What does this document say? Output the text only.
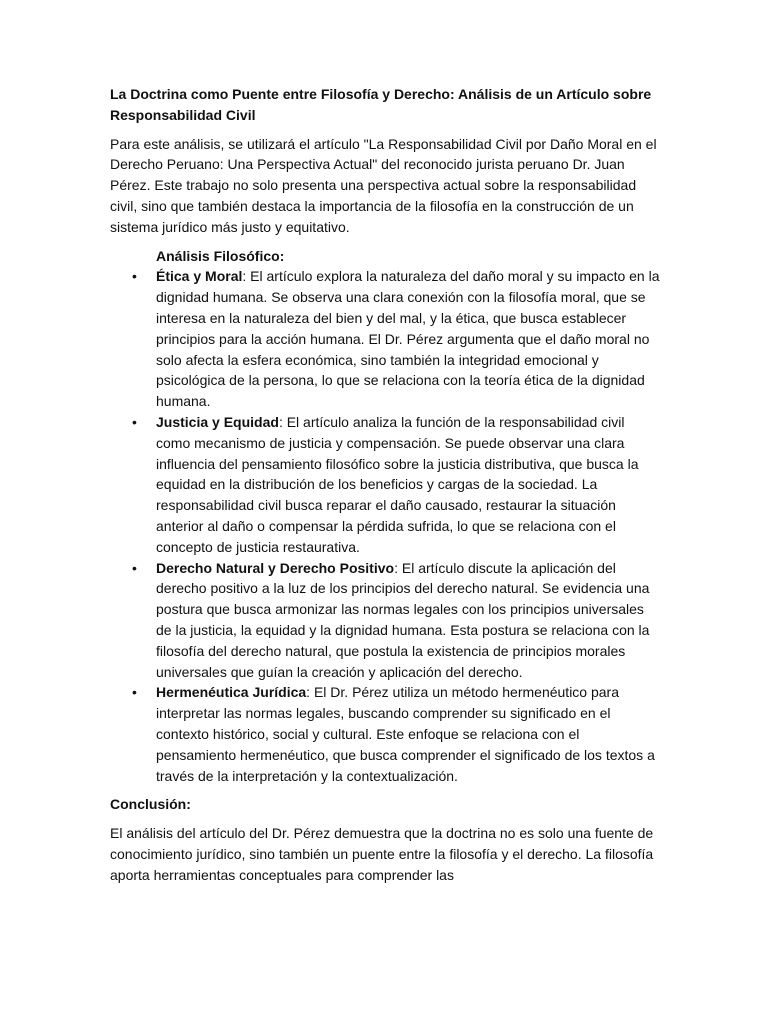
La Doctrina como Puente entre Filosofía y Derecho: Análisis de un Artículo sobre Responsabilidad Civil

Para este análisis, se utilizará el artículo "La Responsabilidad Civil por Daño Moral en el Derecho Peruano: Una Perspectiva Actual" del reconocido jurista peruano Dr. Juan Pérez. Este trabajo no solo presenta una perspectiva actual sobre la responsabilidad civil, sino que también destaca la importancia de la filosofía en la construcción de un sistema jurídico más justo y equitativo.

Análisis Filosófico:

• Ética y Moral: El artículo explora la naturaleza del daño moral y su impacto en la dignidad humana. Se observa una clara conexión con la filosofía moral, que se interesa en la naturaleza del bien y del mal, y la ética, que busca establecer principios para la acción humana. El Dr. Pérez argumenta que el daño moral no solo afecta la esfera económica, sino también la integridad emocional y psicológica de la persona, lo que se relaciona con la teoría ética de la dignidad humana.
• Justicia y Equidad: El artículo analiza la función de la responsabilidad civil como mecanismo de justicia y compensación. Se puede observar una clara influencia del pensamiento filosófico sobre la justicia distributiva, que busca la equidad en la distribución de los beneficios y cargas de la sociedad. La responsabilidad civil busca reparar el daño causado, restaurar la situación anterior al daño o compensar la pérdida sufrida, lo que se relaciona con el concepto de justicia restaurativa.
• Derecho Natural y Derecho Positivo: El artículo discute la aplicación del derecho positivo a la luz de los principios del derecho natural. Se evidencia una postura que busca armonizar las normas legales con los principios universales de la justicia, la equidad y la dignidad humana. Esta postura se relaciona con la filosofía del derecho natural, que postula la existencia de principios morales universales que guían la creación y aplicación del derecho.
• Hermenéutica Jurídica: El Dr. Pérez utiliza un método hermenéutico para interpretar las normas legales, buscando comprender su significado en el contexto histórico, social y cultural. Este enfoque se relaciona con el pensamiento hermenéutico, que busca comprender el significado de los textos a través de la interpretación y la contextualización.

Conclusión:

El análisis del artículo del Dr. Pérez demuestra que la doctrina no es solo una fuente de conocimiento jurídico, sino también un puente entre la filosofía y el derecho. La filosofía aporta herramientas conceptuales para comprender las
